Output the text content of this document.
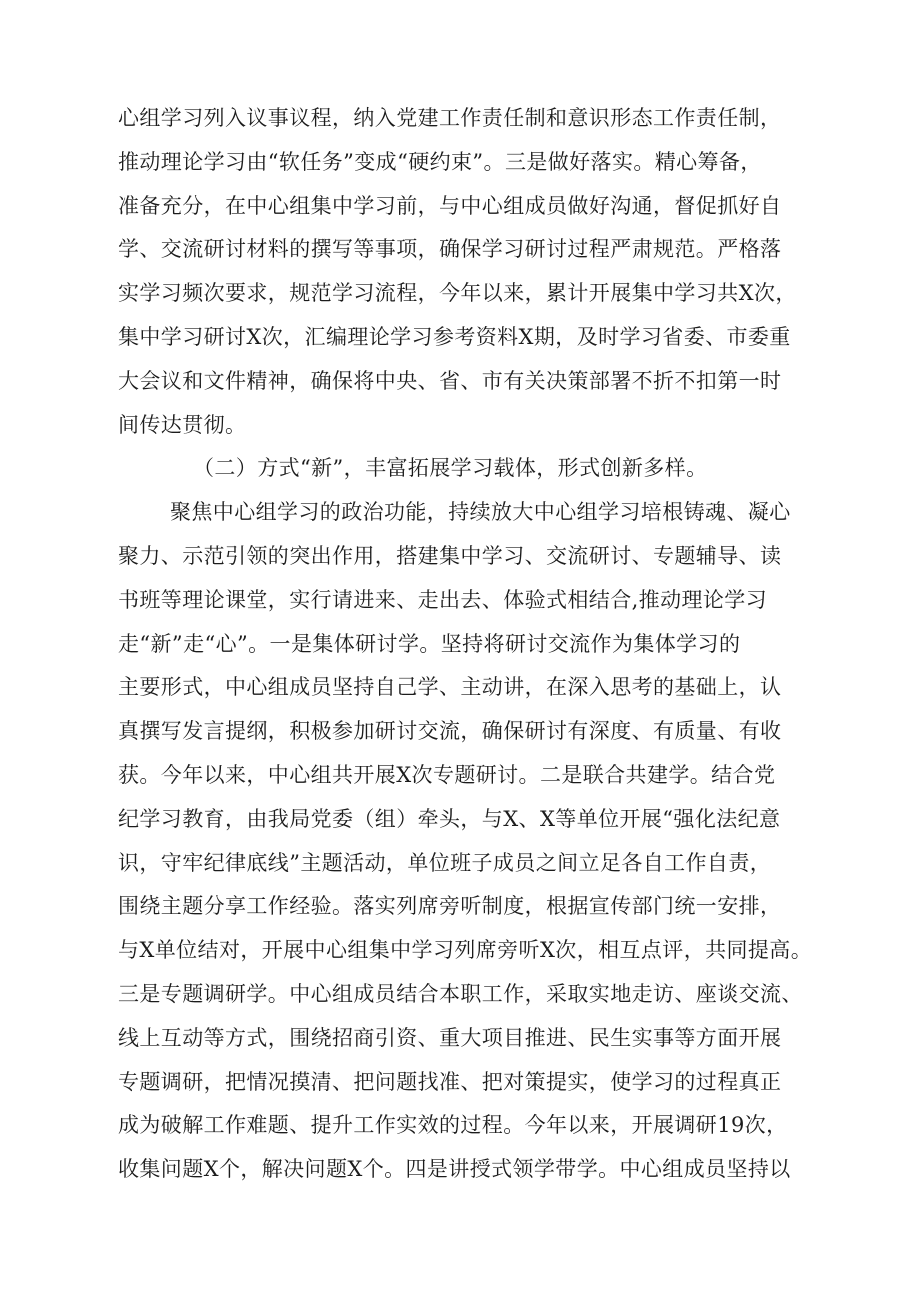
心组学习列入议事议程，纳入党建工作责任制和意识形态工作责任制，
推动理论学习由“软任务”变成“硬约束”。三是做好落实。精心筹备，
准备充分，在中心组集中学习前，与中心组成员做好沟通，督促抓好自
学、交流研讨材料的撰写等事项，确保学习研讨过程严肃规范。严格落
实学习频次要求，规范学习流程，今年以来，累计开展集中学习共X次，
集中学习研讨X次，汇编理论学习参考资料X期，及时学习省委、市委重
大会议和文件精神，确保将中央、省、市有关决策部署不折不扣第一时
间传达贯彻。
（二）方式“新”，丰富拓展学习载体，形式创新多样。
聚焦中心组学习的政治功能，持续放大中心组学习培根铸魂、凝心
聚力、示范引领的突出作用，搭建集中学习、交流研讨、专题辅导、读
书班等理论课堂，实行请进来、走出去、体验式相结合,推动理论学习
走“新”走“心”。一是集体研讨学。坚持将研讨交流作为集体学习的
主要形式，中心组成员坚持自己学、主动讲，在深入思考的基础上，认
真撰写发言提纲，积极参加研讨交流，确保研讨有深度、有质量、有收
获。今年以来，中心组共开展X次专题研讨。二是联合共建学。结合党
纪学习教育，由我局党委（组）牵头，与X、X等单位开展“强化法纪意
识，守牢纪律底线”主题活动，单位班子成员之间立足各自工作自责，
围绕主题分享工作经验。落实列席旁听制度，根据宣传部门统一安排，
与X单位结对，开展中心组集中学习列席旁听X次，相互点评，共同提高。
三是专题调研学。中心组成员结合本职工作，采取实地走访、座谈交流、
线上互动等方式，围绕招商引资、重大项目推进、民生实事等方面开展
专题调研，把情况摸清、把问题找准、把对策提实，使学习的过程真正
成为破解工作难题、提升工作实效的过程。今年以来，开展调研19次，
收集问题X个，解决问题X个。四是讲授式领学带学。中心组成员坚持以
